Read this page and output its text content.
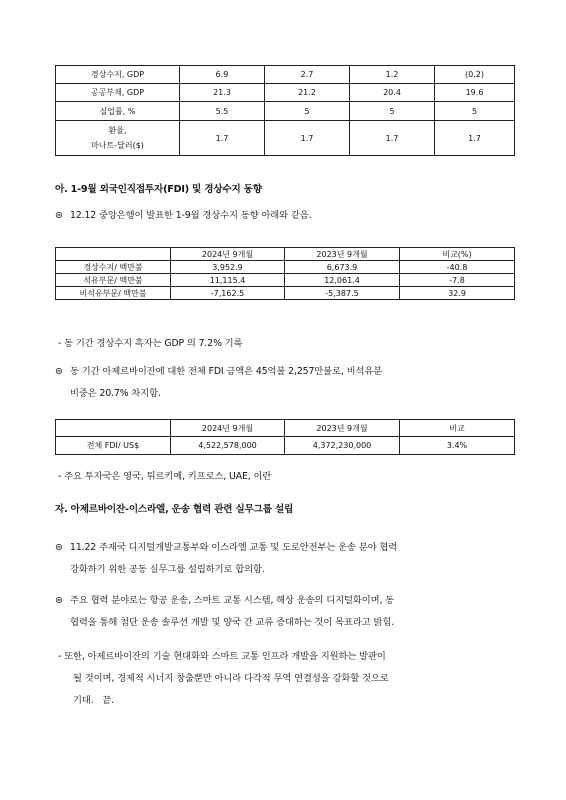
경상수지, GDP	6.9	2.7	1.2	(0.2)
공공부채, GDP	21.3	21.2	20.4	19.6
실업률, %	5.5	5	5	5
환율,
마나트-달러($)	1.7	1.7	1.7	1.7
아. 1-9월 외국인직접투자(FDI) 및 경상수지 동향
⊜ 12.12 중앙은행이 발표한 1-9월 경상수지 동향 아래와 같음.
	2024년 9개월	2023년 9개월	비교(%)
경상수지/ 백만불	3,952.9	6,673.9	-40.8
석유부문/ 백만불	11,115.4	12,061.4	-7.8
비석유부문/ 백만불	-7,162.5	-5,387.5	32.9
- 동 기간 경상수지 흑자는 GDP 의 7.2% 기록
⊜ 동 기간 아제르바이잔에 대한 전체 FDI 금액은 45억불 2,257만불로, 비석유분
비중은 20.7% 차지함.
	2024년 9개월	2023년 9개월	비교
전체 FDI/ US$	4,522,578,000	4,372,230,000	3.4%
- 주요 투자국은 영국, 튀르키예, 키프로스, UAE, 이란
자. 아제르바이잔-이스라엘, 운송 협력 관련 실무그룹 설립
⊜ 11.22 주재국 디지털개발교통부와 이스라엘 교통 및 도로안전부는 운송 분야 협력
강화하기 위한 공동 실무그룹 설립하기로 합의함.
⊜ 주요 협력 분야로는 항공 운송, 스마트 교통 시스템, 해상 운송의 디지털화이며, 동
협력을 통해 첨단 운송 솔루션 개발 및 양국 간 교류 증대하는 것이 목표라고 밝힘.
- 또한, 아제르바이잔의 기술 현대화와 스마트 교통 인프라 개발을 지원하는 발판이
될 것이며, 경제적 시너지 창출뿐만 아니라 다각적 무역 연결성을 강화할 것으로
기대.   끝.
